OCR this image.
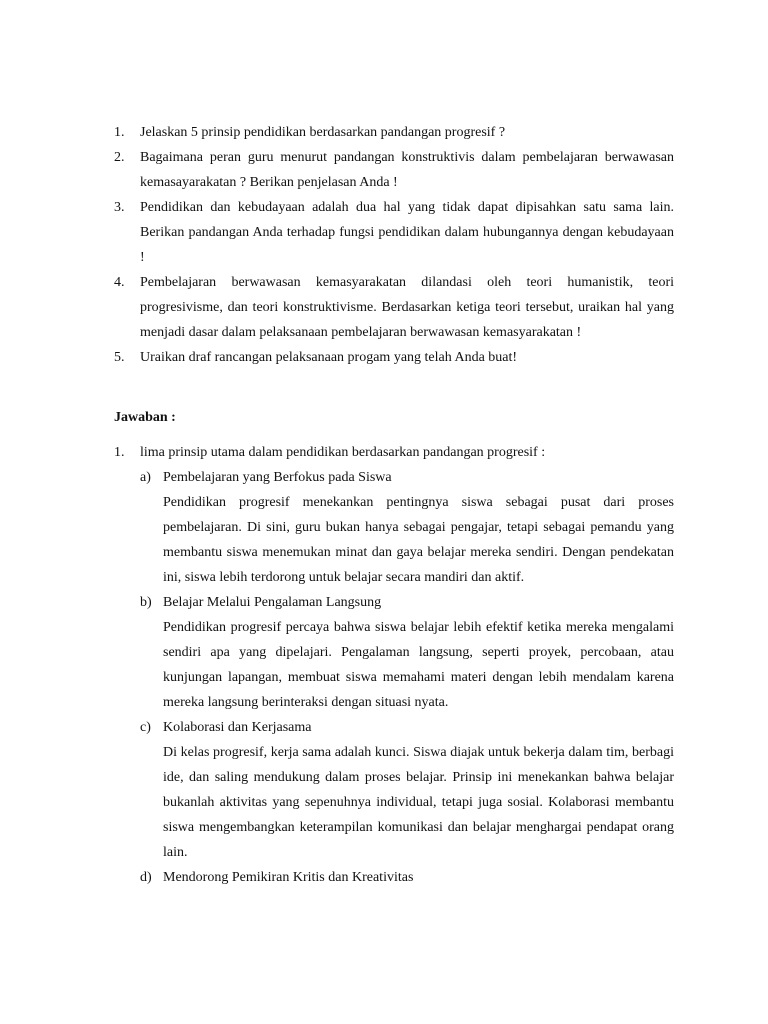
1.	Jelaskan 5 prinsip pendidikan berdasarkan pandangan progresif ?
2.	Bagaimana peran guru menurut pandangan konstruktivis dalam pembelajaran berwawasan kemasayarakatan ? Berikan penjelasan Anda !
3.	Pendidikan dan kebudayaan adalah dua hal yang tidak dapat dipisahkan satu sama lain. Berikan pandangan Anda terhadap fungsi pendidikan dalam hubungannya dengan kebudayaan !
4.	Pembelajaran berwawasan kemasyarakatan dilandasi oleh teori humanistik, teori progresivisme, dan teori konstruktivisme. Berdasarkan ketiga teori tersebut, uraikan hal yang menjadi dasar dalam pelaksanaan pembelajaran berwawasan kemasyarakatan !
5.	Uraikan draf rancangan pelaksanaan progam yang telah Anda buat!
Jawaban :
1.	lima prinsip utama dalam pendidikan berdasarkan pandangan progresif :
a) Pembelajaran yang Berfokus pada Siswa
Pendidikan progresif menekankan pentingnya siswa sebagai pusat dari proses pembelajaran. Di sini, guru bukan hanya sebagai pengajar, tetapi sebagai pemandu yang membantu siswa menemukan minat dan gaya belajar mereka sendiri. Dengan pendekatan ini, siswa lebih terdorong untuk belajar secara mandiri dan aktif.
b) Belajar Melalui Pengalaman Langsung
Pendidikan progresif percaya bahwa siswa belajar lebih efektif ketika mereka mengalami sendiri apa yang dipelajari. Pengalaman langsung, seperti proyek, percobaan, atau kunjungan lapangan, membuat siswa memahami materi dengan lebih mendalam karena mereka langsung berinteraksi dengan situasi nyata.
c) Kolaborasi dan Kerjasama
Di kelas progresif, kerja sama adalah kunci. Siswa diajak untuk bekerja dalam tim, berbagi ide, dan saling mendukung dalam proses belajar. Prinsip ini menekankan bahwa belajar bukanlah aktivitas yang sepenuhnya individual, tetapi juga sosial. Kolaborasi membantu siswa mengembangkan keterampilan komunikasi dan belajar menghargai pendapat orang lain.
d) Mendorong Pemikiran Kritis dan Kreativitas
